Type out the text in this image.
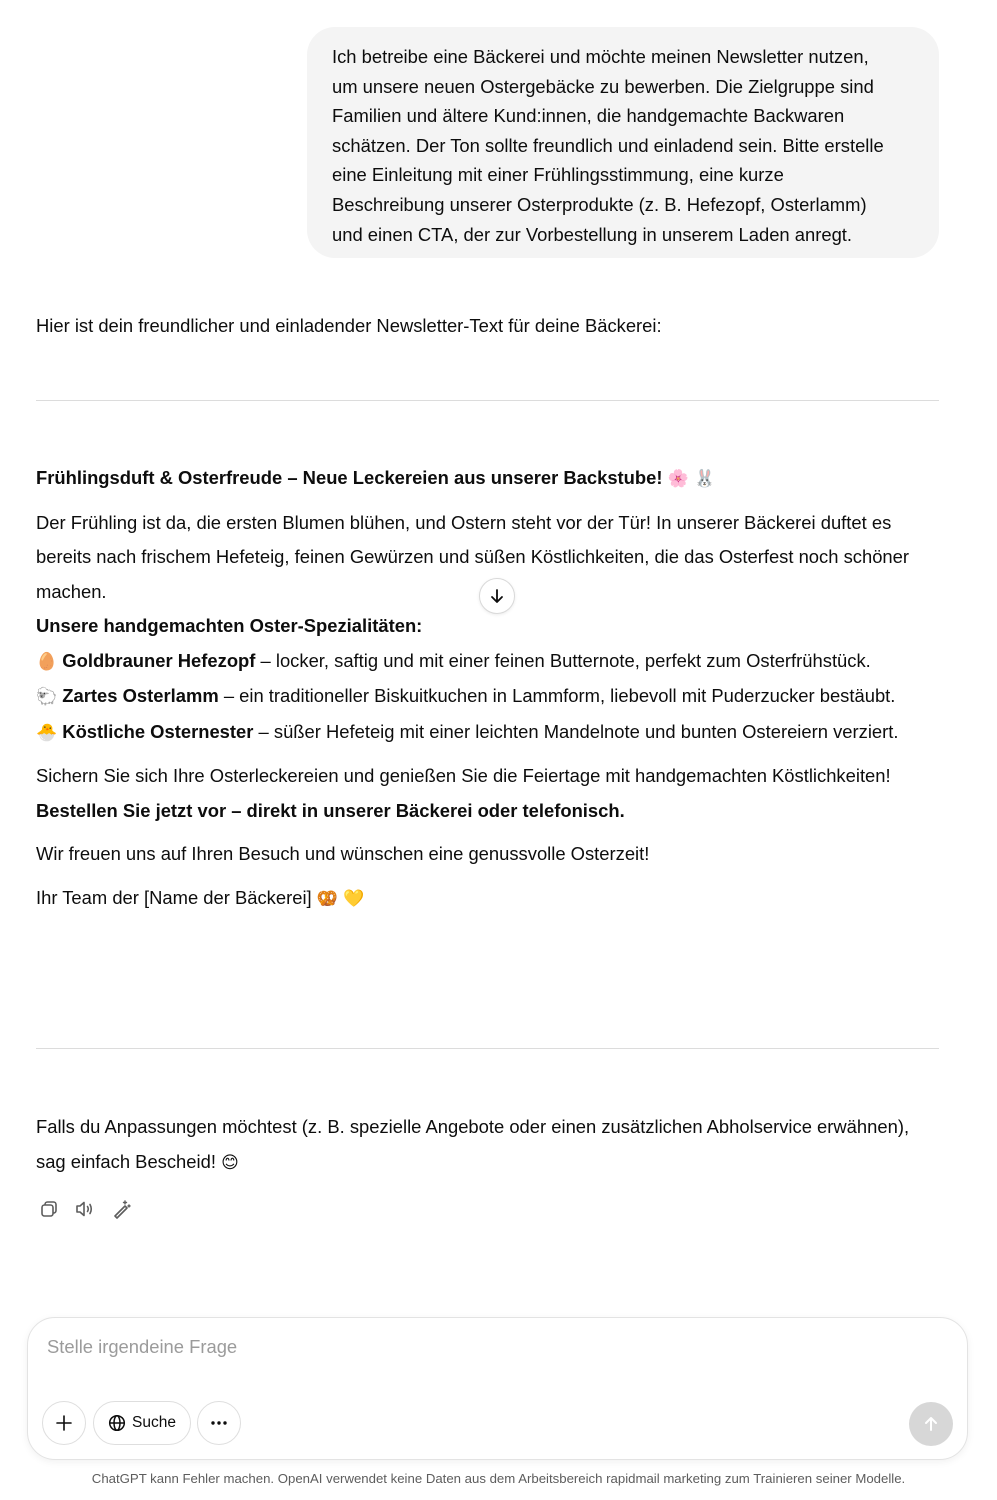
Ich betreibe eine Bäckerei und möchte meinen Newsletter nutzen,

um unsere neuen Ostergebäcke zu bewerben. Die Zielgruppe sind

Familien und ältere Kund:innen, die handgemachte Backwaren

schätzen. Der Ton sollte freundlich und einladend sein. Bitte erstelle

eine Einleitung mit einer Frühlingsstimmung, eine kurze

Beschreibung unserer Osterprodukte (z. B. Hefezopf, Osterlamm)

und einen CTA, der zur Vorbestellung in unserem Laden anregt.

Hier ist dein freundlicher und einladender Newsletter-Text für deine Bäckerei:

Frühlingsduft & Osterfreude – Neue Leckereien aus unserer Backstube! 🌸 🐰

Der Frühling ist da, die ersten Blumen blühen, und Ostern steht vor der Tür! In unserer Bäckerei duftet es bereits nach frischem Hefeteig, feinen Gewürzen und süßen Köstlichkeiten, die das Osterfest noch schöner machen.

Unsere handgemachten Oster-Spezialitäten:

🥚 Goldbrauner Hefezopf – locker, saftig und mit einer feinen Butternote, perfekt zum Osterfrühstück.
🐑 Zartes Osterlamm – ein traditioneller Biskuitkuchen in Lammform, liebevoll mit Puderzucker bestäubt.
🐣 Köstliche Osternester – süßer Hefeteig mit einer leichten Mandelnote und bunten Ostereiern verziert.

Sichern Sie sich Ihre Osterleckereien und genießen Sie die Feiertage mit handgemachten Köstlichkeiten!
Bestellen Sie jetzt vor – direkt in unserer Bäckerei oder telefonisch.

Wir freuen uns auf Ihren Besuch und wünschen eine genussvolle Osterzeit!

Ihr Team der [Name der Bäckerei] 🥨 💛

Falls du Anpassungen möchtest (z. B. spezielle Angebote oder einen zusätzlichen Abholservice erwähnen), sag einfach Bescheid! 😊
Stelle irgendeine Frage
Suche
ChatGPT kann Fehler machen. OpenAI verwendet keine Daten aus dem Arbeitsbereich rapidmail marketing zum Trainieren seiner Modelle.
